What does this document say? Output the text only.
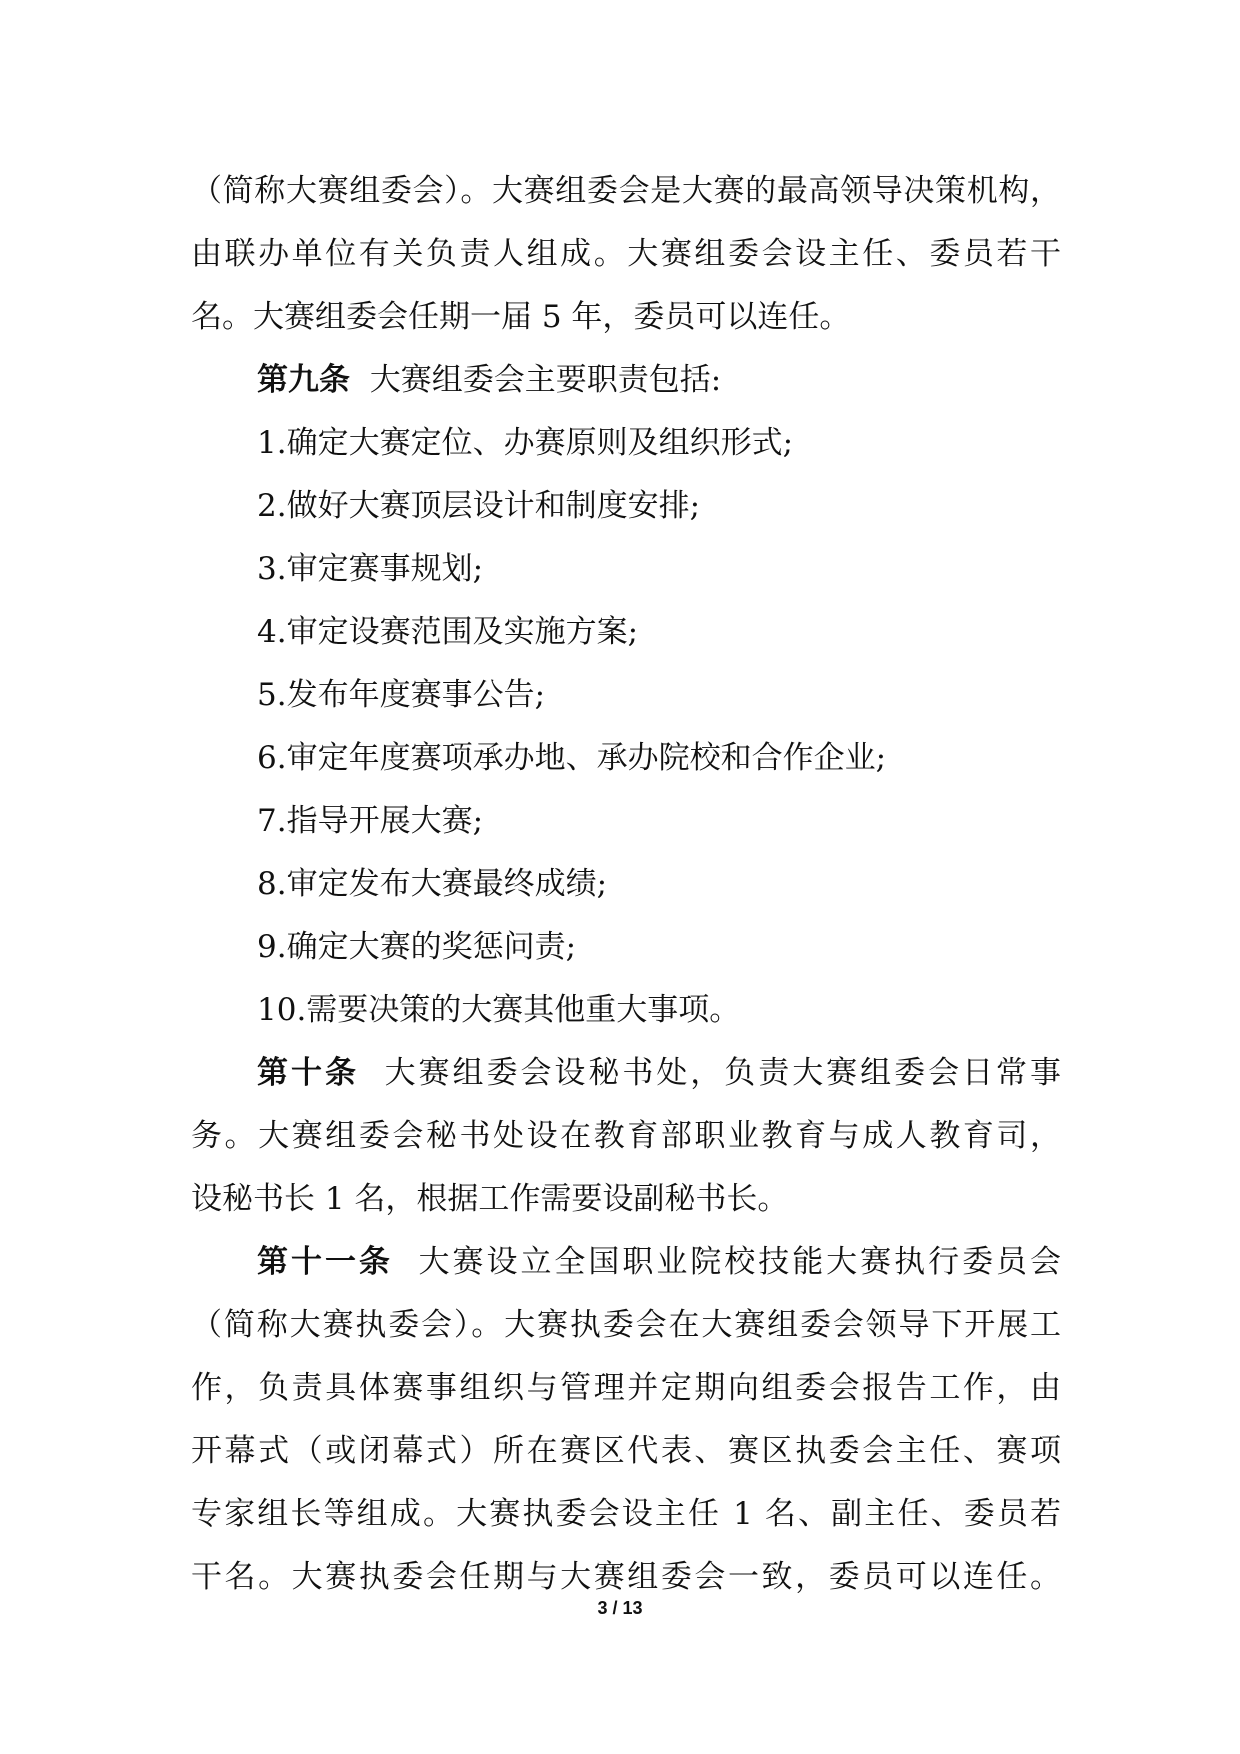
（简称大赛组委会）。大赛组委会是大赛的最高领导决策机构，
由联办单位有关负责人组成。大赛组委会设主任、委员若干
名。大赛组委会任期一届 5 年，委员可以连任。
第九条 大赛组委会主要职责包括:
1.确定大赛定位、办赛原则及组织形式;
2.做好大赛顶层设计和制度安排;
3.审定赛事规划;
4.审定设赛范围及实施方案;
5.发布年度赛事公告;
6.审定年度赛项承办地、承办院校和合作企业;
7.指导开展大赛;
8.审定发布大赛最终成绩;
9.确定大赛的奖惩问责;
10.需要决策的大赛其他重大事项。
第十条 大赛组委会设秘书处，负责大赛组委会日常事
务。大赛组委会秘书处设在教育部职业教育与成人教育司，
设秘书长 1 名，根据工作需要设副秘书长。
第十一条 大赛设立全国职业院校技能大赛执行委员会
（简称大赛执委会）。大赛执委会在大赛组委会领导下开展工
作，负责具体赛事组织与管理并定期向组委会报告工作，由
开幕式（或闭幕式）所在赛区代表、赛区执委会主任、赛项
专家组长等组成。大赛执委会设主任 1 名、副主任、委员若
干名。大赛执委会任期与大赛组委会一致，委员可以连任。
3 / 13
